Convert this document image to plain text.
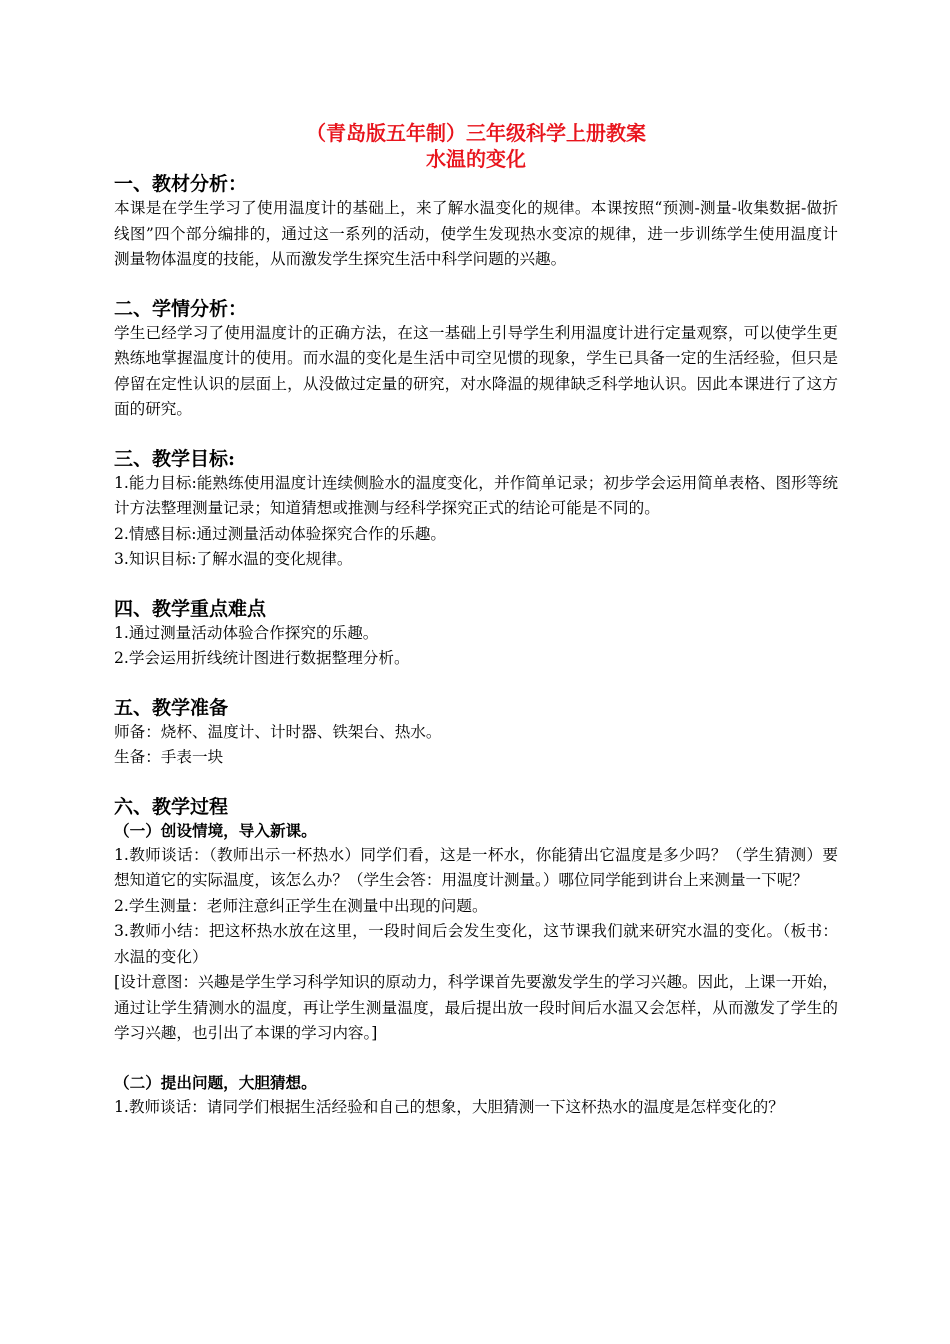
（青岛版五年制）三年级科学上册教案

水温的变化

一、教材分析：

本课是在学生学习了使用温度计的基础上，来了解水温变化的规律。本课按照“预测-测量-收集数据-做折线图”四个部分编排的，通过这一系列的活动，使学生发现热水变凉的规律，进一步训练学生使用温度计测量物体温度的技能，从而激发学生探究生活中科学问题的兴趣。

二、学情分析：

学生已经学习了使用温度计的正确方法，在这一基础上引导学生利用温度计进行定量观察，可以使学生更熟练地掌握温度计的使用。而水温的变化是生活中司空见惯的现象，学生已具备一定的生活经验，但只是停留在定性认识的层面上，从没做过定量的研究，对水降温的规律缺乏科学地认识。因此本课进行了这方面的研究。

三、教学目标:

1.能力目标:能熟练使用温度计连续侧脸水的温度变化，并作简单记录；初步学会运用简单表格、图形等统计方法整理测量记录；知道猜想或推测与经科学探究正式的结论可能是不同的。

2.情感目标:通过测量活动体验探究合作的乐趣。

3.知识目标:了解水温的变化规律。

四、教学重点难点

1.通过测量活动体验合作探究的乐趣。

2.学会运用折线统计图进行数据整理分析。

五、教学准备

师备：烧杯、温度计、计时器、铁架台、热水。

生备：手表一块

六、教学过程

（一）创设情境，导入新课。

1.教师谈话：（教师出示一杯热水）同学们看，这是一杯水，你能猜出它温度是多少吗？（学生猜测）要想知道它的实际温度，该怎么办？（学生会答：用温度计测量。）哪位同学能到讲台上来测量一下呢？

2.学生测量：老师注意纠正学生在测量中出现的问题。

3.教师小结：把这杯热水放在这里，一段时间后会发生变化，这节课我们就来研究水温的变化。（板书：水温的变化）

[设计意图：兴趣是学生学习科学知识的原动力，科学课首先要激发学生的学习兴趣。因此，上课一开始，通过让学生猜测水的温度，再让学生测量温度，最后提出放一段时间后水温又会怎样，从而激发了学生的学习兴趣，也引出了本课的学习内容。]

（二）提出问题，大胆猜想。

1.教师谈话：请同学们根据生活经验和自己的想象，大胆猜测一下这杯热水的温度是怎样变化的？
